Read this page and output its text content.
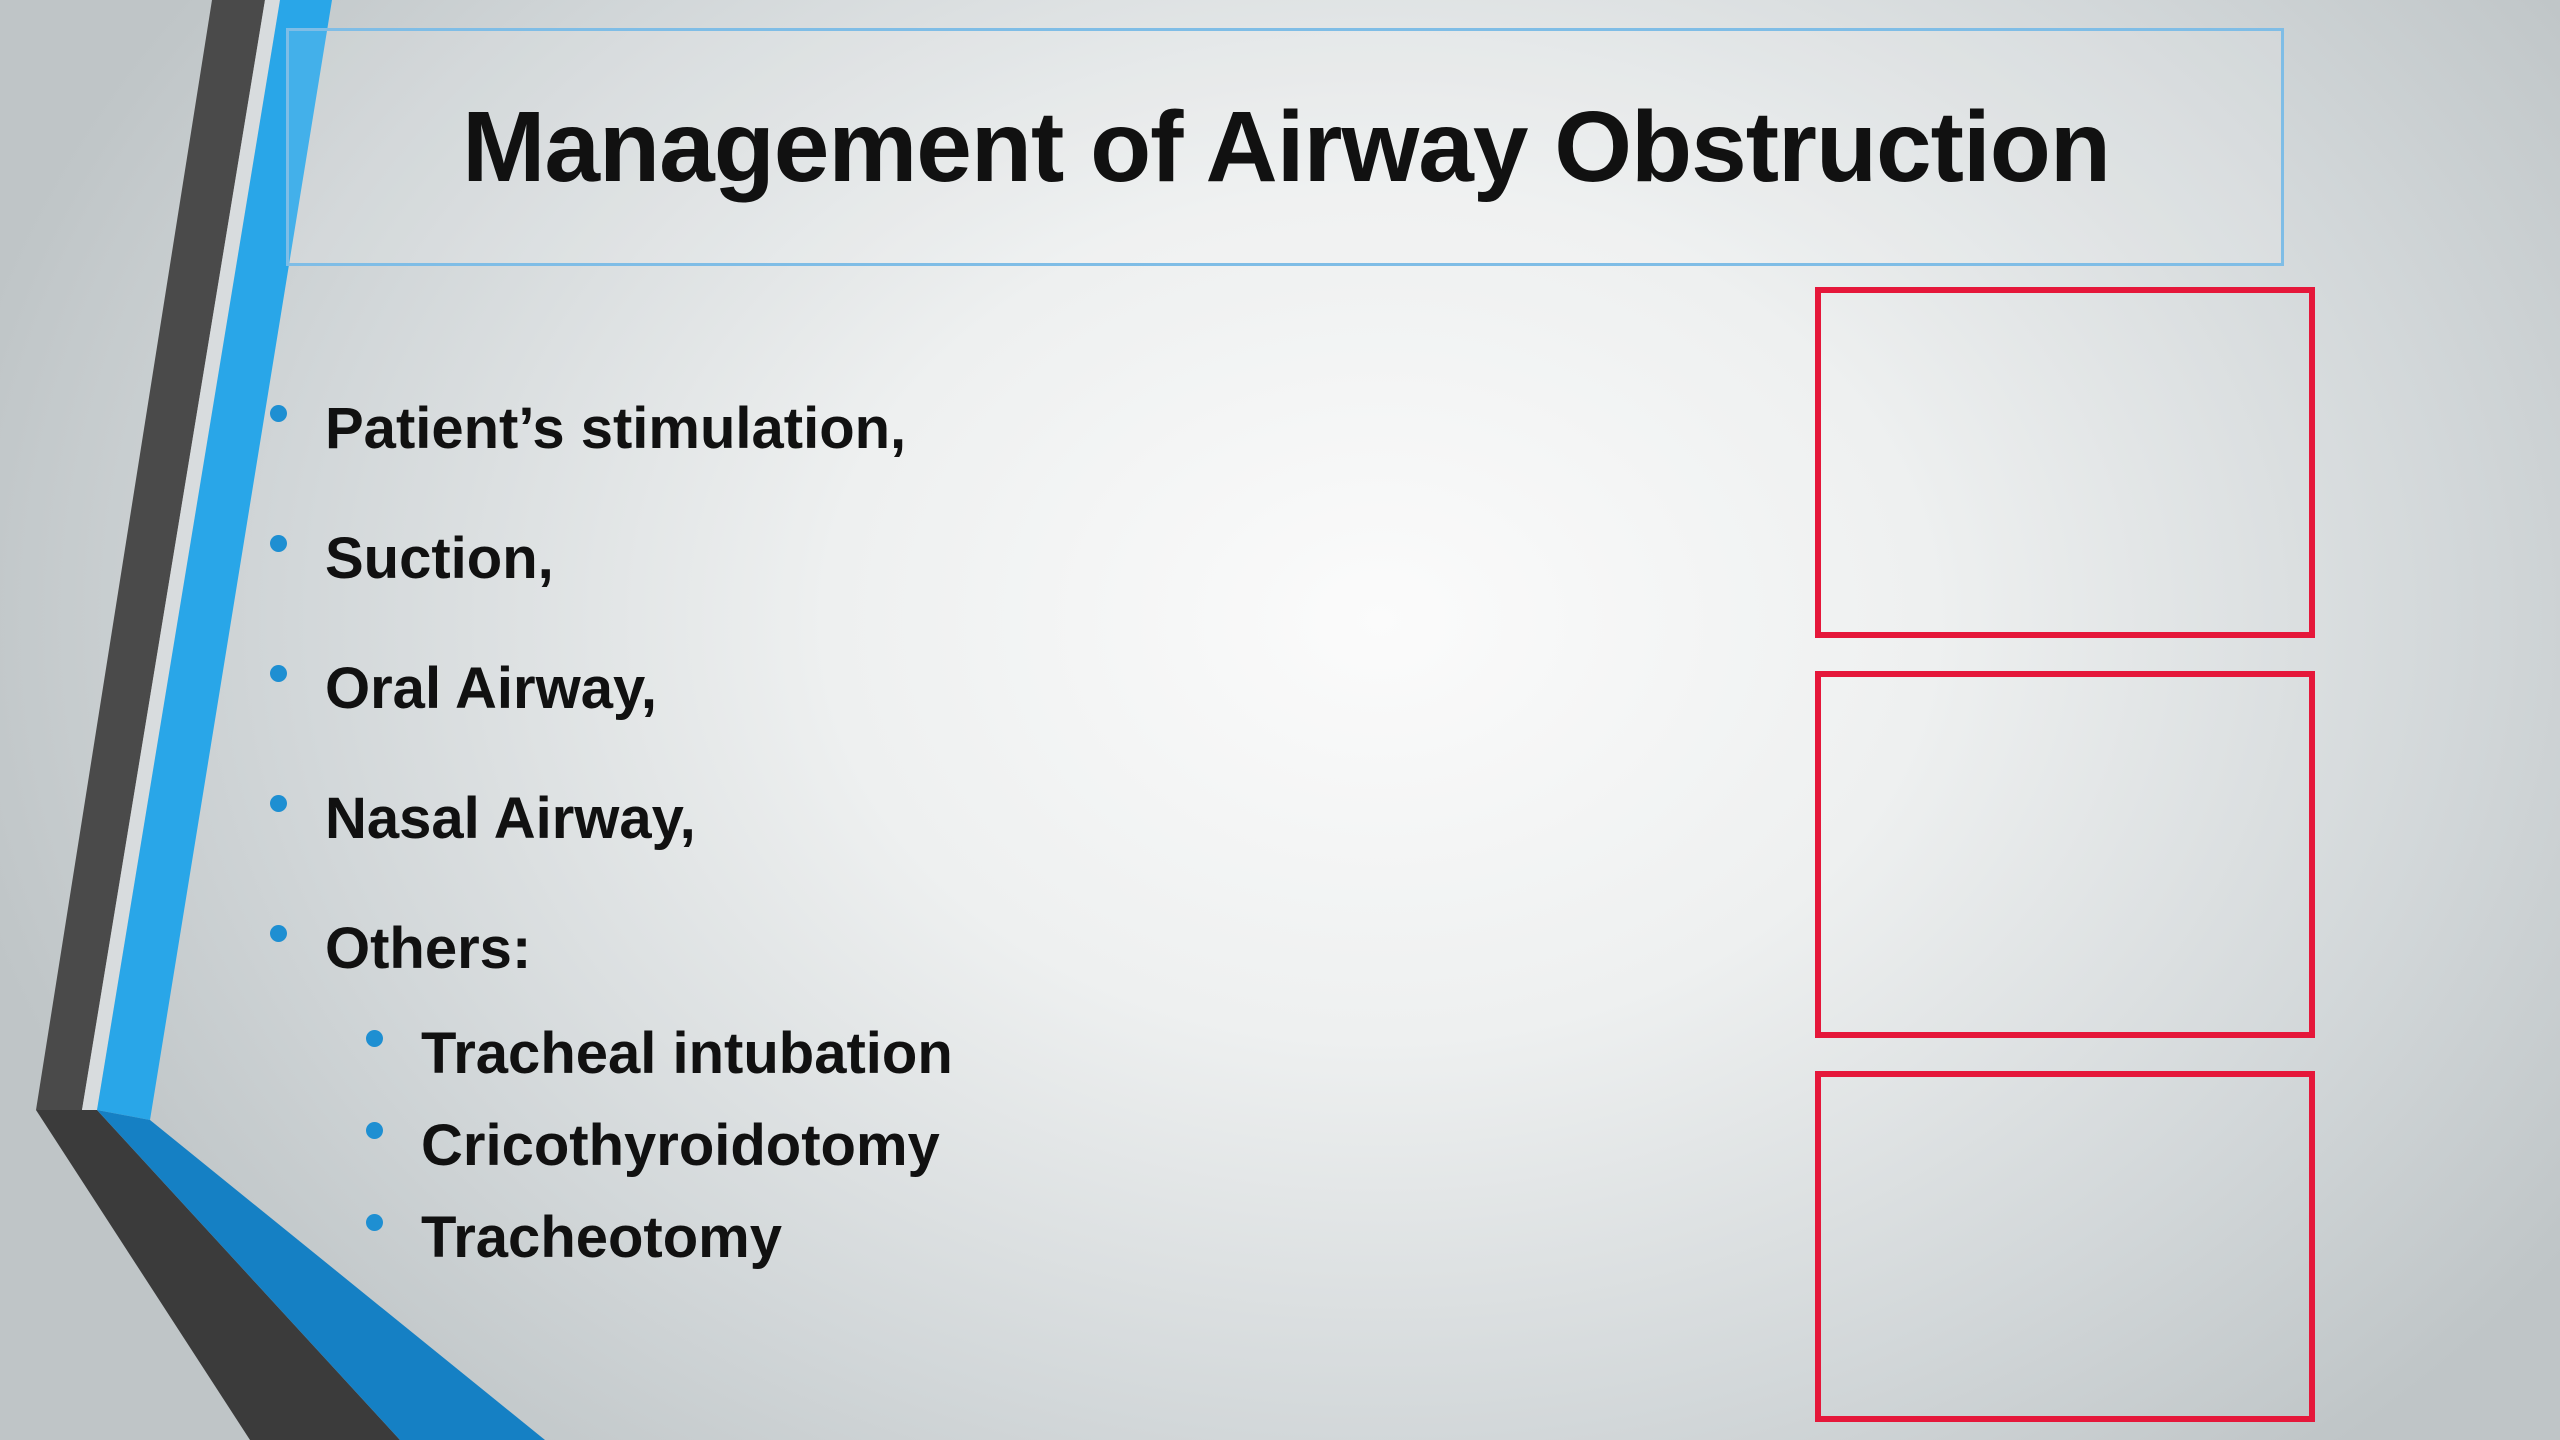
Management of Airway Obstruction
Patient’s stimulation,
Suction,
Oral Airway,
Nasal Airway,
Others:
Tracheal intubation
Cricothyroidotomy
Tracheotomy
